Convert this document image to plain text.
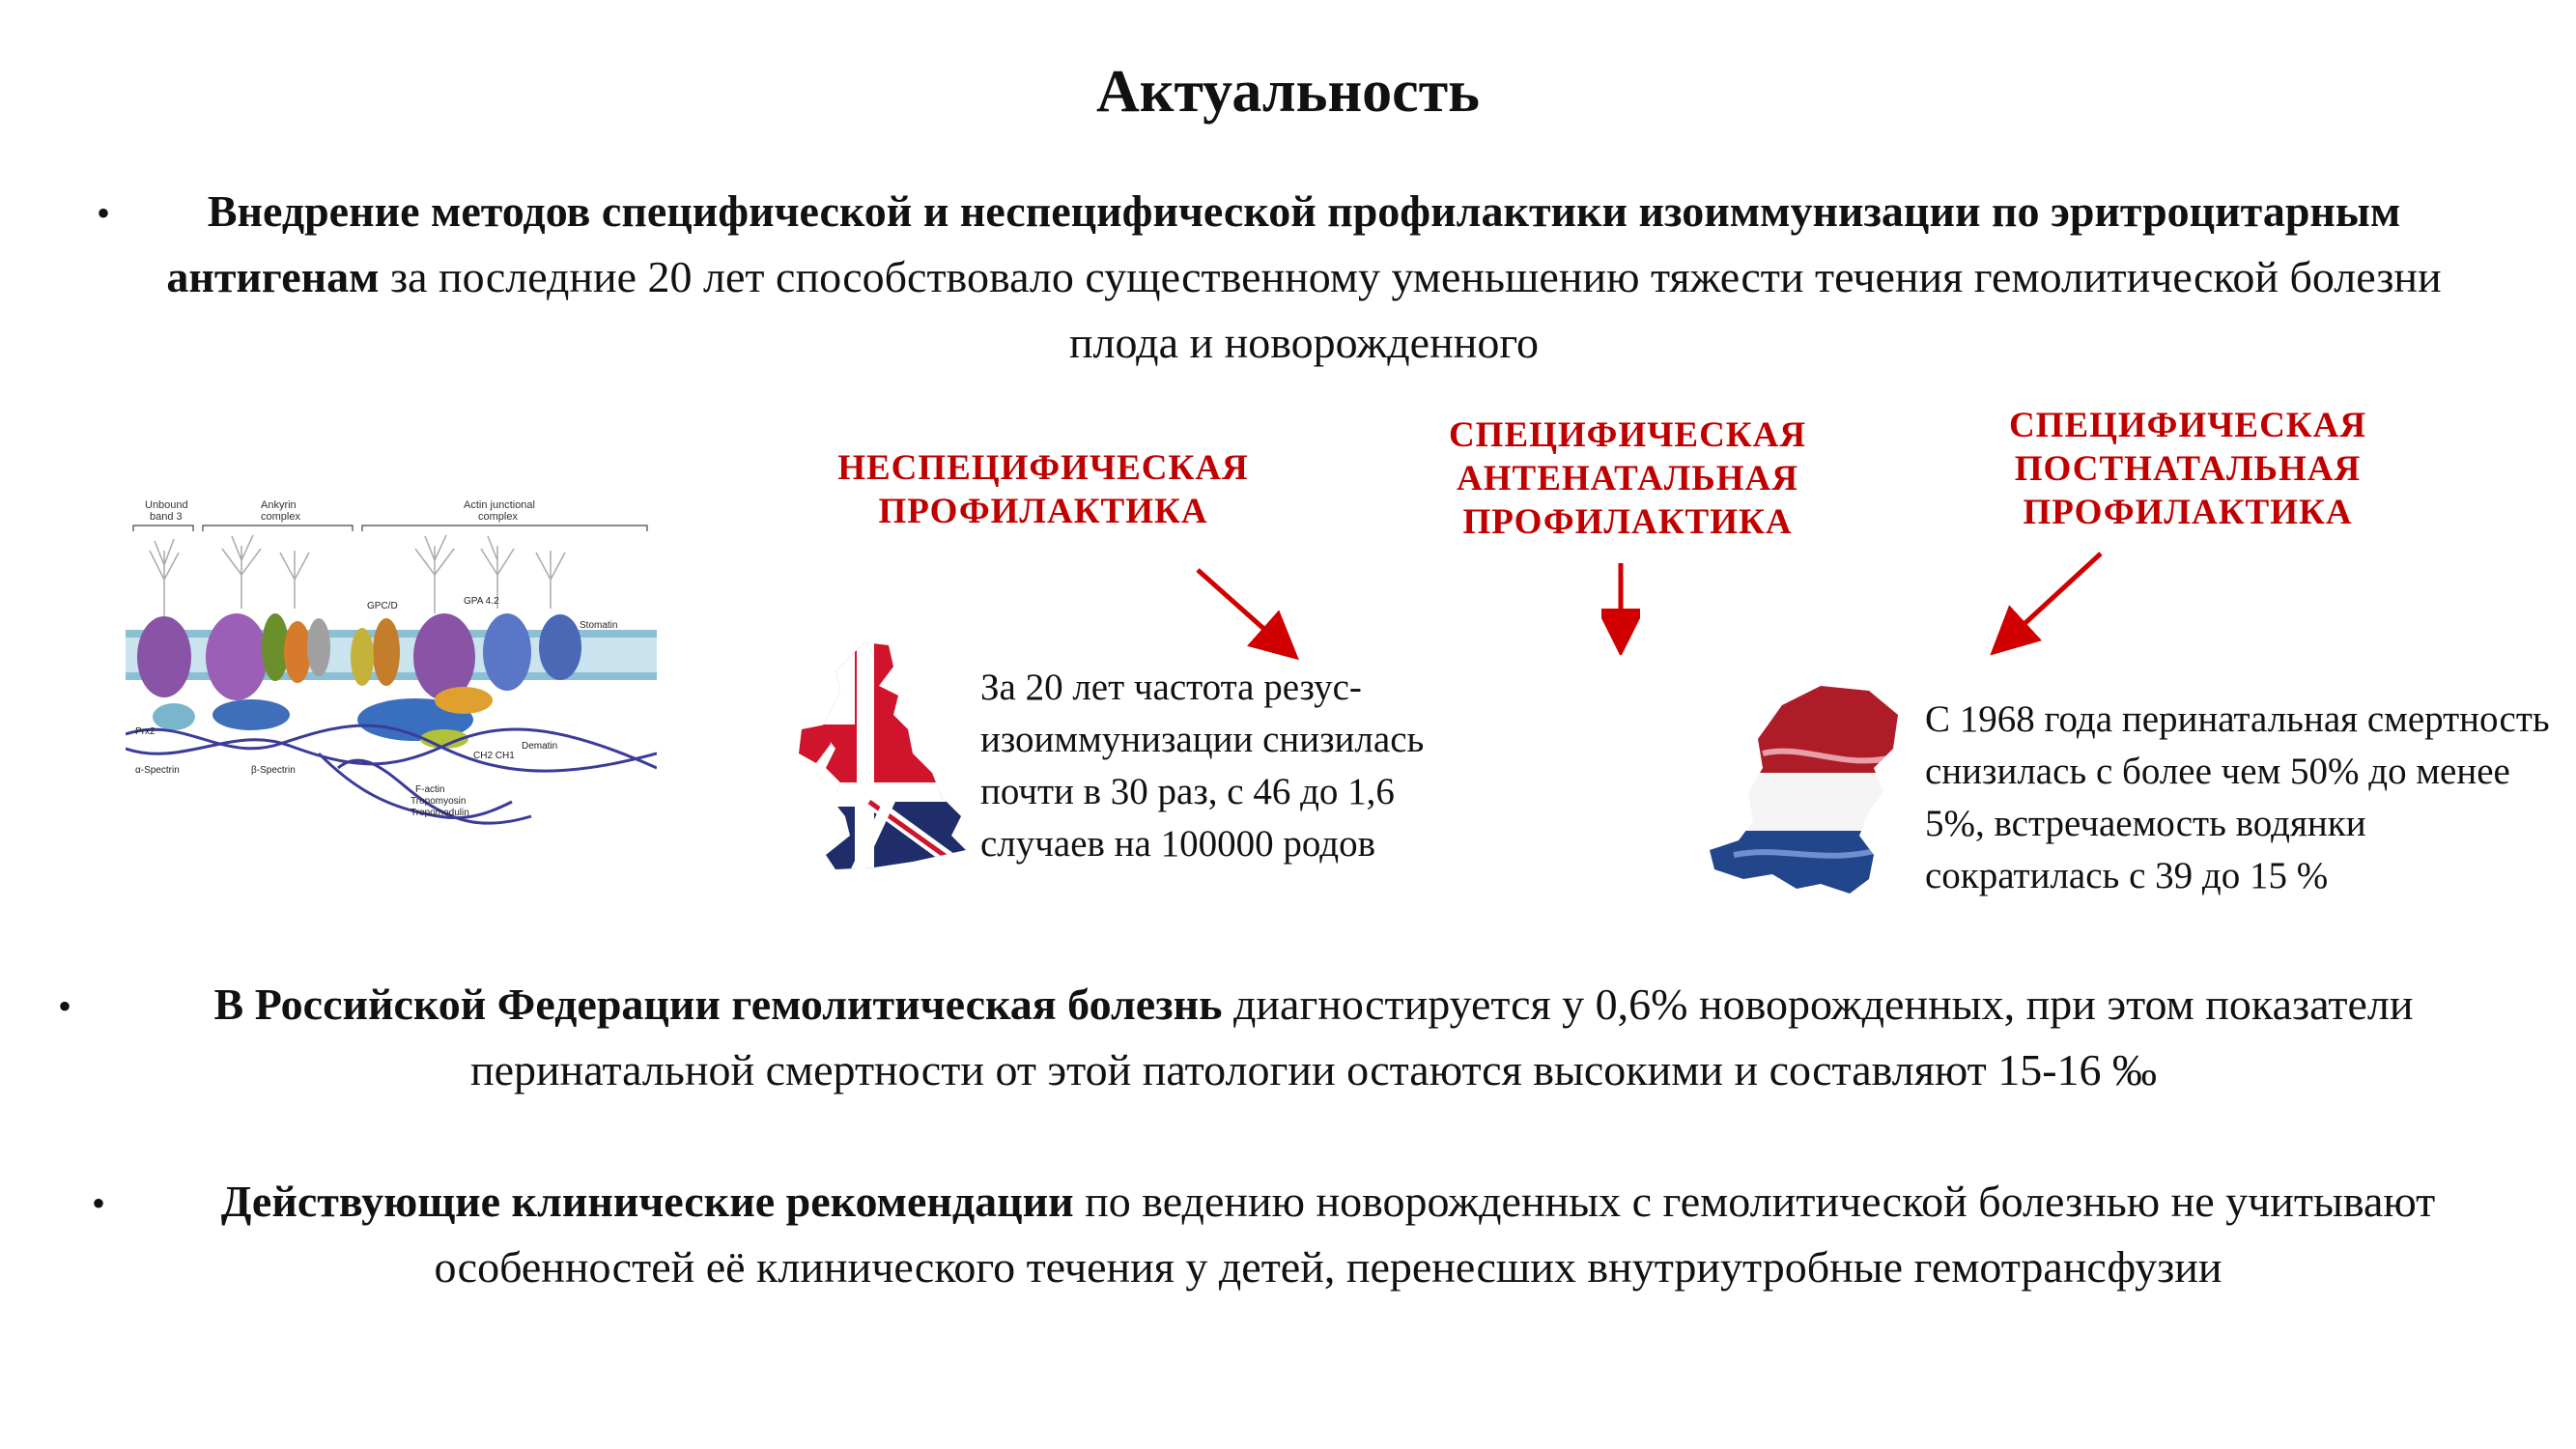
Актуальность
•	Внедрение методов специфической и неспецифической профилактики изоиммунизации по эритроцитарным антигенам за последние 20 лет способствовало существенному уменьшению тяжести течения гемолитической болезни плода и новорожденного
НЕСПЕЦИФИЧЕСКАЯ ПРОФИЛАКТИКА
СПЕЦИФИЧЕСКАЯ АНТЕНАТАЛЬНАЯ ПРОФИЛАКТИКА
СПЕЦИФИЧЕСКАЯ ПОСТНАТАЛЬНАЯ ПРОФИЛАКТИКА
Unbound
band 3
Ankyrin
complex
Actin junctional
complex
Prx2
α-Spectrin	β-Spectrin
CH2 CH1
F-actin
Tropomyosin
Tropomodulin
Stomatin
GPC/D	GPA 4.2
Dematin
За 20 лет частота резус-изоиммунизации снизилась почти в 30 раз, с 46 до 1,6 случаев на 100000 родов
С 1968 года перинатальная смертность снизилась с более чем 50% до менее 5%, встречаемость водянки сократилась с 39 до 15 %
•	В Российской Федерации гемолитическая болезнь диагностируется у 0,6% новорожденных, при этом показатели перинатальной смертности от этой патологии остаются высокими и составляют 15-16 ‰
•	Действующие клинические рекомендации по ведению новорожденных с гемолитической болезнью не учитывают особенностей её клинического течения у детей, перенесших внутриутробные гемотрансфузии
